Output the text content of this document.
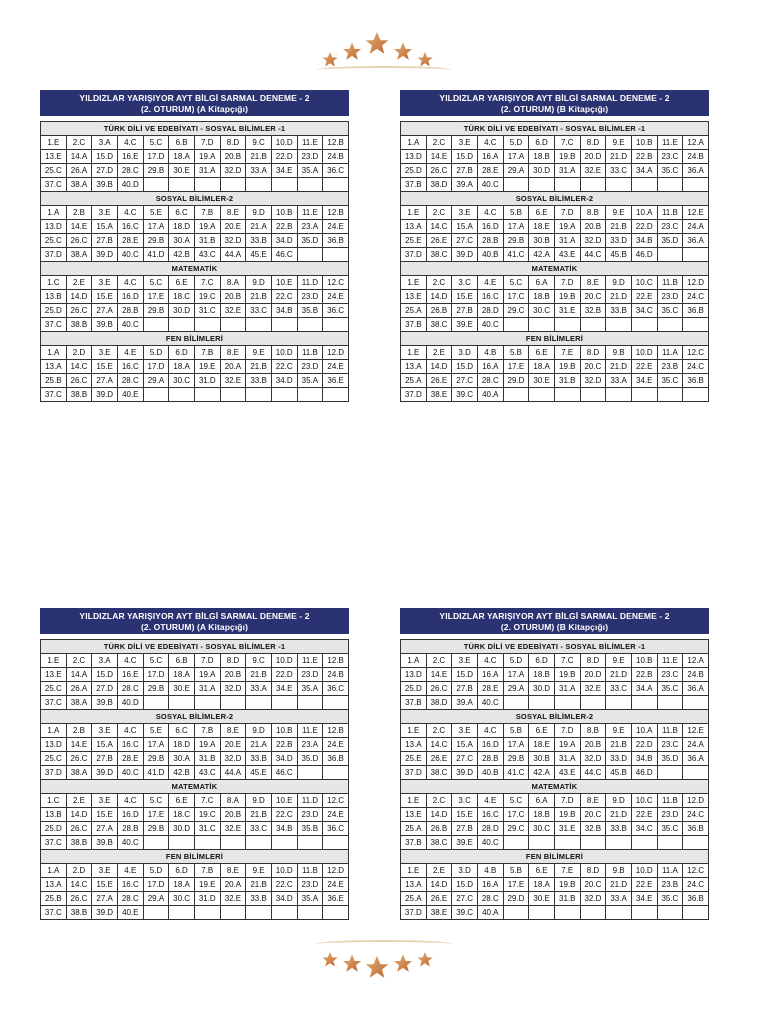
YILDIZLAR YARIŞIYOR AYT BİLGİ SARMAL DENEME - 2
(2. OTURUM) (A Kitapçığı)
TÜRK DİLİ VE EDEBİYATI - SOSYAL BİLİMLER -1											
1.E	2.C	3.A	4.C	5.C	6.B	7.D	8.D	9.C	10.D	11.E	12.B
13.E	14.A	15.D	16.E	17.D	18.A	19.A	20.B	21.B	22.D	23.D	24.B
25.C	26.A	27.D	28.C	29.B	30.E	31.A	32.D	33.A	34.E	35.A	36.C
37.C	38.A	39.B	40.D								
SOSYAL BİLİMLER-2											
1.A	2.B	3.E	4.C	5.E	6.C	7.B	8.E	9.D	10.B	11.E	12.B
13.D	14.E	15.A	16.C	17.A	18.D	19.A	20.E	21.A	22.B	23.A	24.E
25.C	26.C	27.B	28.E	29.B	30.A	31.B	32.D	33.B	34.D	35.D	36.B
37.D	38.A	39.D	40.C	41.D	42.B	43.C	44.A	45.E	46.C		
MATEMATİK											
1.C	2.E	3.E	4.C	5.C	6.E	7.C	8.A	9.D	10.E	11.D	12.C
13.B	14.D	15.E	16.D	17.E	18.C	19.C	20.B	21.B	22.C	23.D	24.E
25.D	26.C	27.A	28.B	29.B	30.D	31.C	32.E	33.C	34.B	35.B	36.C
37.C	38.B	39.B	40.C								
FEN BİLİMLERİ											
1.A	2.D	3.E	4.E	5.D	6.D	7.B	8.E	9.E	10.D	11.B	12.D
13.A	14.C	15.E	16.C	17.D	18.A	19.E	20.A	21.B	22.C	23.D	24.E
25.B	26.C	27.A	28.C	29.A	30.C	31.D	32.E	33.B	34.D	35.A	36.E
37.C	38.B	39.D	40.E								
YILDIZLAR YARIŞIYOR AYT BİLGİ SARMAL DENEME - 2
(2. OTURUM) (B Kitapçığı)
TÜRK DİLİ VE EDEBİYATI - SOSYAL BİLİMLER -1											
1.A	2.C	3.E	4.C	5.D	6.D	7.C	8.D	9.E	10.B	11.E	12.A
13.D	14.E	15.D	16.A	17.A	18.B	19.B	20.D	21.D	22.B	23.C	24.B
25.D	26.C	27.B	28.E	29.A	30.D	31.A	32.E	33.C	34.A	35.C	36.A
37.B	38.D	39.A	40.C								
SOSYAL BİLİMLER-2											
1.E	2.C	3.E	4.C	5.B	6.E	7.D	8.B	9.E	10.A	11.B	12.E
13.A	14.C	15.A	16.D	17.A	18.E	19.A	20.B	21.B	22.D	23.C	24.A
25.E	26.E	27.C	28.B	29.B	30.B	31.A	32.D	33.D	34.B	35.D	36.A
37.D	38.C	39.D	40.B	41.C	42.A	43.E	44.C	45.B	46.D		
MATEMATİK											
1.E	2.C	3.C	4.E	5.C	6.A	7.D	8.E	9.D	10.C	11.B	12.D
13.E	14.D	15.E	16.C	17.C	18.B	19.B	20.C	21.D	22.E	23.D	24.C
25.A	26.B	27.B	28.D	29.C	30.C	31.E	32.B	33.B	34.C	35.C	36.B
37.B	38.C	39.E	40.C								
FEN BİLİMLERİ											
1.E	2.E	3.D	4.B	5.B	6.E	7.E	8.D	9.B	10.D	11.A	12.C
13.A	14.D	15.D	16.A	17.E	18.A	19.B	20.C	21.D	22.E	23.B	24.C
25.A	26.E	27.C	28.C	29.D	30.E	31.B	32.D	33.A	34.E	35.C	36.B
37.D	38.E	39.C	40.A								
YILDIZLAR YARIŞIYOR AYT BİLGİ SARMAL DENEME - 2
(2. OTURUM) (A Kitapçığı)
TÜRK DİLİ VE EDEBİYATI - SOSYAL BİLİMLER -1											
1.E	2.C	3.A	4.C	5.C	6.B	7.D	8.D	9.C	10.D	11.E	12.B
13.E	14.A	15.D	16.E	17.D	18.A	19.A	20.B	21.B	22.D	23.D	24.B
25.C	26.A	27.D	28.C	29.B	30.E	31.A	32.D	33.A	34.E	35.A	36.C
37.C	38.A	39.B	40.D								
SOSYAL BİLİMLER-2											
1.A	2.B	3.E	4.C	5.E	6.C	7.B	8.E	9.D	10.B	11.E	12.B
13.D	14.E	15.A	16.C	17.A	18.D	19.A	20.E	21.A	22.B	23.A	24.E
25.C	26.C	27.B	28.E	29.B	30.A	31.B	32.D	33.B	34.D	35.D	36.B
37.D	38.A	39.D	40.C	41.D	42.B	43.C	44.A	45.E	46.C		
MATEMATİK											
1.C	2.E	3.E	4.C	5.C	6.E	7.C	8.A	9.D	10.E	11.D	12.C
13.B	14.D	15.E	16.D	17.E	18.C	19.C	20.B	21.B	22.C	23.D	24.E
25.D	26.C	27.A	28.B	29.B	30.D	31.C	32.E	33.C	34.B	35.B	36.C
37.C	38.B	39.B	40.C								
FEN BİLİMLERİ											
1.A	2.D	3.E	4.E	5.D	6.D	7.B	8.E	9.E	10.D	11.B	12.D
13.A	14.C	15.E	16.C	17.D	18.A	19.E	20.A	21.B	22.C	23.D	24.E
25.B	26.C	27.A	28.C	29.A	30.C	31.D	32.E	33.B	34.D	35.A	36.E
37.C	38.B	39.D	40.E								
YILDIZLAR YARIŞIYOR AYT BİLGİ SARMAL DENEME - 2
(2. OTURUM) (B Kitapçığı)
TÜRK DİLİ VE EDEBİYATI - SOSYAL BİLİMLER -1											
1.A	2.C	3.E	4.C	5.D	6.D	7.C	8.D	9.E	10.B	11.E	12.A
13.D	14.E	15.D	16.A	17.A	18.B	19.B	20.D	21.D	22.B	23.C	24.B
25.D	26.C	27.B	28.E	29.A	30.D	31.A	32.E	33.C	34.A	35.C	36.A
37.B	38.D	39.A	40.C								
SOSYAL BİLİMLER-2											
1.E	2.C	3.E	4.C	5.B	6.E	7.D	8.B	9.E	10.A	11.B	12.E
13.A	14.C	15.A	16.D	17.A	18.E	19.A	20.B	21.B	22.D	23.C	24.A
25.E	26.E	27.C	28.B	29.B	30.B	31.A	32.D	33.D	34.B	35.D	36.A
37.D	38.C	39.D	40.B	41.C	42.A	43.E	44.C	45.B	46.D		
MATEMATİK											
1.E	2.C	3.C	4.E	5.C	6.A	7.D	8.E	9.D	10.C	11.B	12.D
13.E	14.D	15.E	16.C	17.C	18.B	19.B	20.C	21.D	22.E	23.D	24.C
25.A	26.B	27.B	28.D	29.C	30.C	31.E	32.B	33.B	34.C	35.C	36.B
37.B	38.C	39.E	40.C								
FEN BİLİMLERİ											
1.E	2.E	3.D	4.B	5.B	6.E	7.E	8.D	9.B	10.D	11.A	12.C
13.A	14.D	15.D	16.A	17.E	18.A	19.B	20.C	21.D	22.E	23.B	24.C
25.A	26.E	27.C	28.C	29.D	30.E	31.B	32.D	33.A	34.E	35.C	36.B
37.D	38.E	39.C	40.A								
